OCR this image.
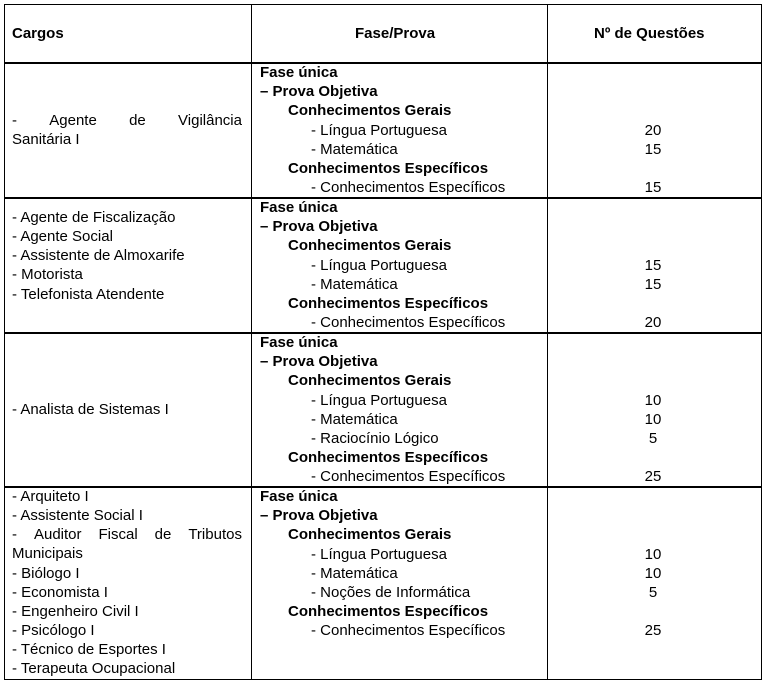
Cargos	Fase/Prova	Nº de Questões
- Agente de Vigilância
Sanitária I
Fase única
– Prova Objetiva
Conhecimentos Gerais
- Língua Portuguesa
- Matemática
Conhecimentos Específicos
- Conhecimentos Específicos
20
15
15
- Agente de Fiscalização
- Agente Social
- Assistente de Almoxarife
- Motorista
- Telefonista Atendente
Fase única
– Prova Objetiva
Conhecimentos Gerais
- Língua Portuguesa
- Matemática
Conhecimentos Específicos
- Conhecimentos Específicos
15
15
20
- Analista de Sistemas I
Fase única
– Prova Objetiva
Conhecimentos Gerais
- Língua Portuguesa
- Matemática
- Raciocínio Lógico
Conhecimentos Específicos
- Conhecimentos Específicos
10
10
5
25
- Arquiteto I
- Assistente Social I
- Auditor Fiscal de Tributos
Municipais
- Biólogo I
- Economista I
- Engenheiro Civil I
- Psicólogo I
- Técnico de Esportes I
- Terapeuta Ocupacional
Fase única
– Prova Objetiva
Conhecimentos Gerais
- Língua Portuguesa
- Matemática
- Noções de Informática
Conhecimentos Específicos
- Conhecimentos Específicos
10
10
5
25
